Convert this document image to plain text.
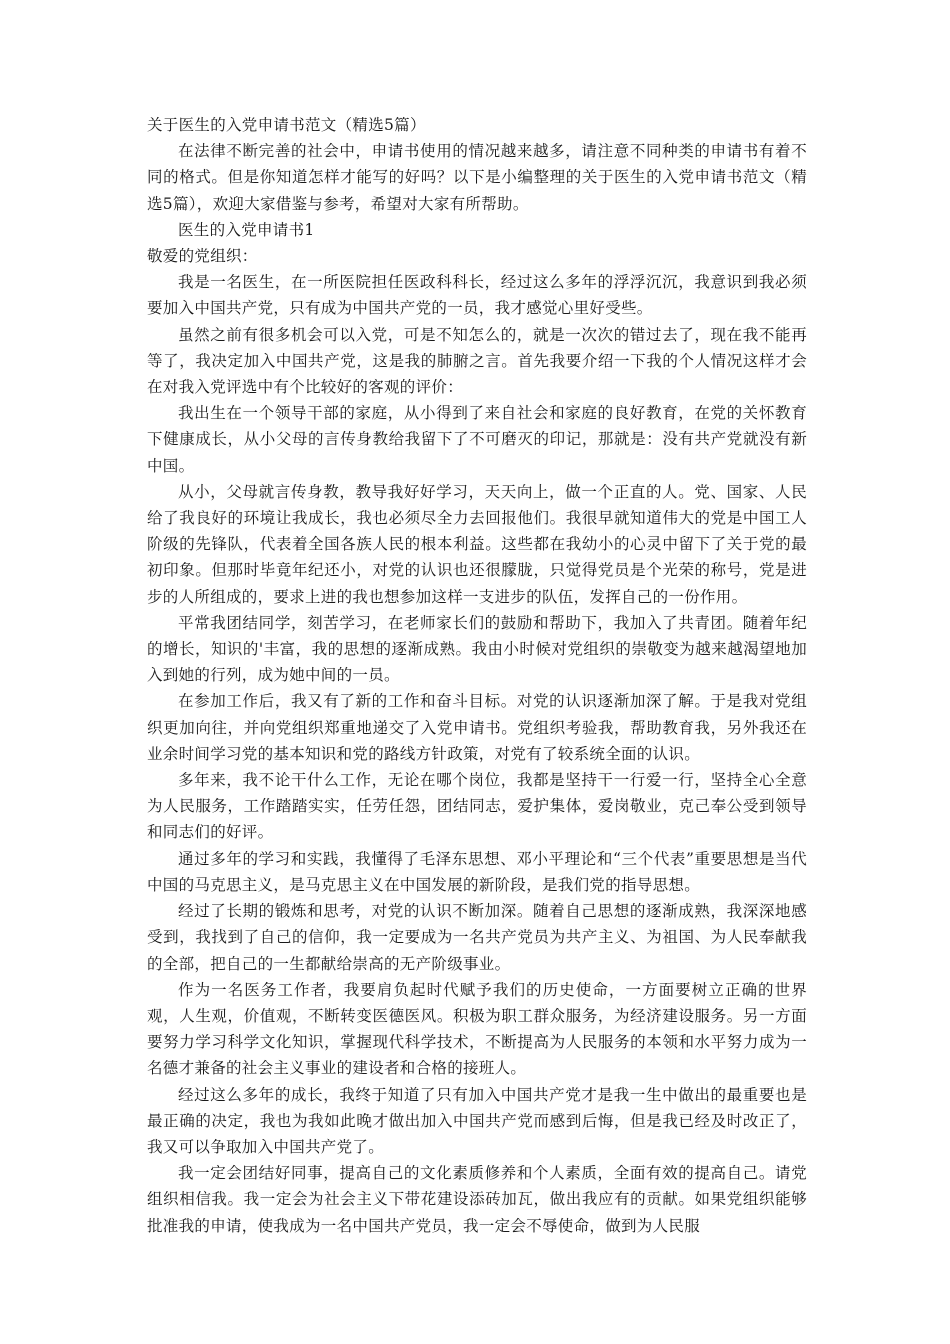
关于医生的入党申请书范文（精选5篇）

在法律不断完善的社会中，申请书使用的情况越来越多，请注意不同种类的申请书有着不同的格式。但是你知道怎样才能写的好吗？以下是小编整理的关于医生的入党申请书范文（精选5篇），欢迎大家借鉴与参考，希望对大家有所帮助。

医生的入党申请书1

敬爱的党组织：

我是一名医生，在一所医院担任医政科科长，经过这么多年的浮浮沉沉，我意识到我必须要加入中国共产党，只有成为中国共产党的一员，我才感觉心里好受些。

虽然之前有很多机会可以入党，可是不知怎么的，就是一次次的错过去了，现在我不能再等了，我决定加入中国共产党，这是我的肺腑之言。首先我要介绍一下我的个人情况这样才会在对我入党评选中有个比较好的客观的评价：

我出生在一个领导干部的家庭，从小得到了来自社会和家庭的良好教育，在党的关怀教育下健康成长，从小父母的言传身教给我留下了不可磨灭的印记，那就是：没有共产党就没有新中国。

从小，父母就言传身教，教导我好好学习，天天向上，做一个正直的人。党、国家、人民给了我良好的环境让我成长，我也必须尽全力去回报他们。我很早就知道伟大的党是中国工人阶级的先锋队，代表着全国各族人民的根本利益。这些都在我幼小的心灵中留下了关于党的最初印象。但那时毕竟年纪还小，对党的认识也还很朦胧，只觉得党员是个光荣的称号，党是进步的人所组成的，要求上进的我也想参加这样一支进步的队伍，发挥自己的一份作用。

平常我团结同学，刻苦学习，在老师家长们的鼓励和帮助下，我加入了共青团。随着年纪的增长，知识的'丰富，我的思想的逐渐成熟。我由小时候对党组织的崇敬变为越来越渴望地加入到她的行列，成为她中间的一员。

在参加工作后，我又有了新的工作和奋斗目标。对党的认识逐渐加深了解。于是我对党组织更加向往，并向党组织郑重地递交了入党申请书。党组织考验我，帮助教育我，另外我还在业余时间学习党的基本知识和党的路线方针政策，对党有了较系统全面的认识。

多年来，我不论干什么工作，无论在哪个岗位，我都是坚持干一行爱一行，坚持全心全意为人民服务，工作踏踏实实，任劳任怨，团结同志，爱护集体，爱岗敬业，克己奉公受到领导和同志们的好评。

通过多年的学习和实践，我懂得了毛泽东思想、邓小平理论和“三个代表”重要思想是当代中国的马克思主义，是马克思主义在中国发展的新阶段，是我们党的指导思想。

经过了长期的锻炼和思考，对党的认识不断加深。随着自己思想的逐渐成熟，我深深地感受到，我找到了自己的信仰，我一定要成为一名共产党员为共产主义、为祖国、为人民奉献我的全部，把自己的一生都献给崇高的无产阶级事业。

作为一名医务工作者，我要肩负起时代赋予我们的历史使命，一方面要树立正确的世界观，人生观，价值观，不断转变医德医风。积极为职工群众服务，为经济建设服务。另一方面要努力学习科学文化知识，掌握现代科学技术，不断提高为人民服务的本领和水平努力成为一名德才兼备的社会主义事业的建设者和合格的接班人。

经过这么多年的成长，我终于知道了只有加入中国共产党才是我一生中做出的最重要也是最正确的决定，我也为我如此晚才做出加入中国共产党而感到后悔，但是我已经及时改正了，我又可以争取加入中国共产党了。

我一定会团结好同事，提高自己的文化素质修养和个人素质，全面有效的提高自己。请党组织相信我。我一定会为社会主义下带花建设添砖加瓦，做出我应有的贡献。如果党组织能够批准我的申请，使我成为一名中国共产党员，我一定会不辱使命，做到为人民服
